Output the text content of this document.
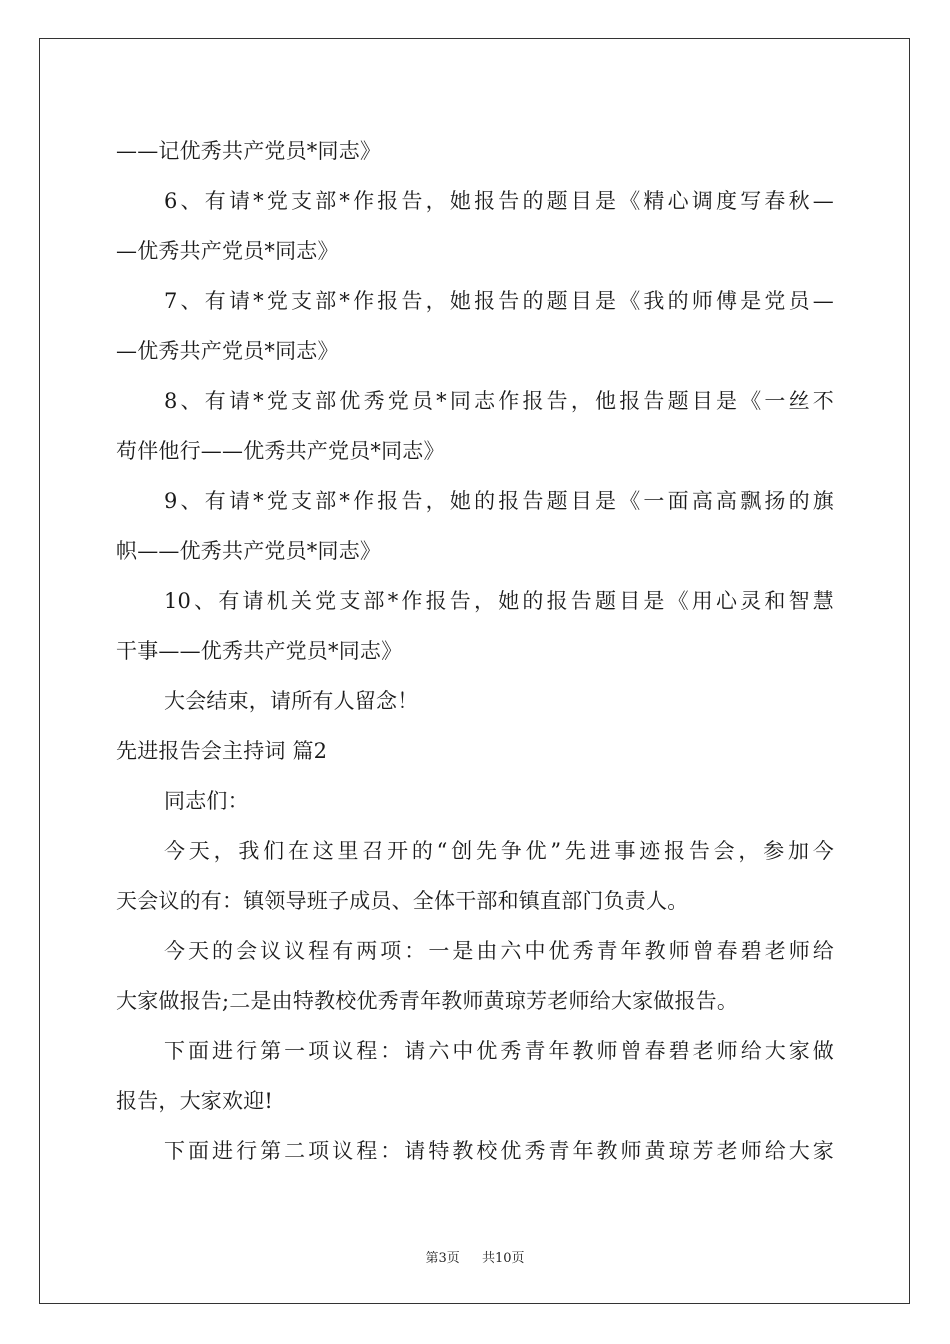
——记优秀共产党员*同志》
6、有请*党支部*作报告，她报告的题目是《精心调度写春秋—
—优秀共产党员*同志》
7、有请*党支部*作报告，她报告的题目是《我的师傅是党员—
—优秀共产党员*同志》
8、有请*党支部优秀党员*同志作报告，他报告题目是《一丝不
苟伴他行——优秀共产党员*同志》
9、有请*党支部*作报告，她的报告题目是《一面高高飘扬的旗
帜——优秀共产党员*同志》
10、有请机关党支部*作报告，她的报告题目是《用心灵和智慧
干事——优秀共产党员*同志》
大会结束，请所有人留念！
先进报告会主持词 篇2
同志们：
今天，我们在这里召开的“创先争优”先进事迹报告会，参加今
天会议的有：镇领导班子成员、全体干部和镇直部门负责人。
今天的会议议程有两项：一是由六中优秀青年教师曾春碧老师给
大家做报告;二是由特教校优秀青年教师黄琼芳老师给大家做报告。
下面进行第一项议程：请六中优秀青年教师曾春碧老师给大家做
报告，大家欢迎!
下面进行第二项议程：请特教校优秀青年教师黄琼芳老师给大家
第3页 共10页
